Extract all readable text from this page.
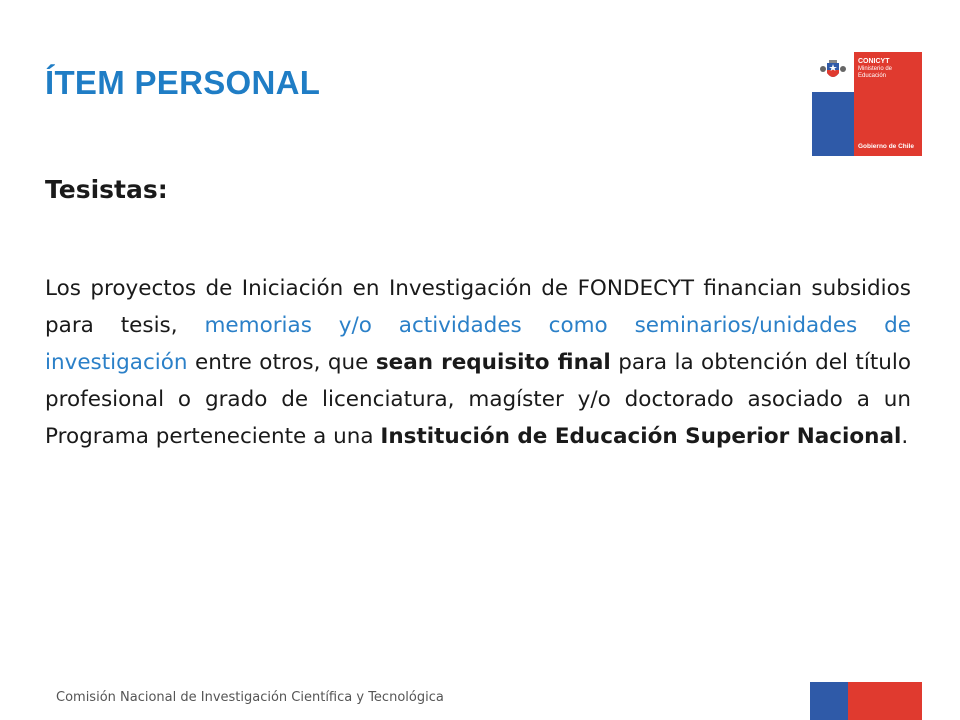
ÍTEM PERSONAL
CONICYT
Ministerio de
Educación
Gobierno de Chile
Tesistas:
Los proyectos de Iniciación en Investigación de FONDECYT financian subsidios para tesis, memorias y/o actividades como seminarios/unidades de investigación entre otros, que sean requisito final para la obtención del título profesional o grado de licenciatura, magíster y/o doctorado asociado a un Programa perteneciente a una Institución de Educación Superior Nacional.
Comisión Nacional de Investigación Científica y Tecnológica
